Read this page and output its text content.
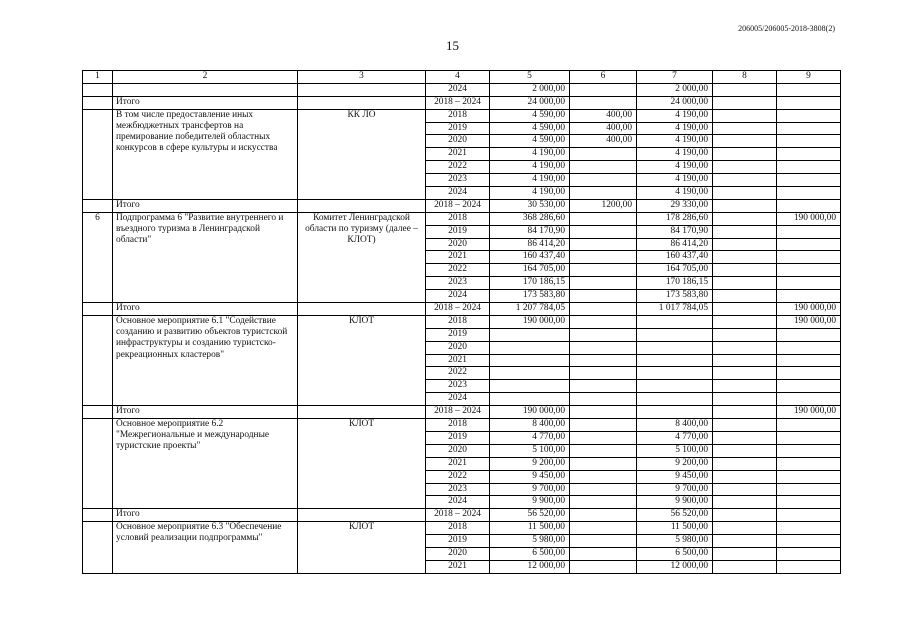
206005/206005-2018-3808(2)
15
1	2	3	4	5	6	7	8	9
			2024	2 000,00		2 000,00		
	Итого		2018 – 2024	24 000,00		24 000,00		
	В том числе предоставление иных межбюджетных трансфертов на премирование победителей областных конкурсов в сфере культуры и искусства	КК ЛО	2018	4 590,00	400,00	4 190,00		
			2019	4 590,00	400,00	4 190,00		
			2020	4 590,00	400,00	4 190,00		
			2021	4 190,00		4 190,00		
			2022	4 190,00		4 190,00		
			2023	4 190,00		4 190,00		
			2024	4 190,00		4 190,00		
	Итого		2018 – 2024	30 530,00	1200,00	29 330,00		
6	Подпрограмма 6 "Развитие внутреннего и въездного туризма в Ленинградской области"	Комитет Ленинградской области по туризму (далее – КЛОТ)	2018	368 286,60		178 286,60		190 000,00
			2019	84 170,90		84 170,90		
			2020	86 414,20		86 414,20		
			2021	160 437,40		160 437,40		
			2022	164 705,00		164 705,00		
			2023	170 186,15		170 186,15		
			2024	173 583,80		173 583,80		
	Итого		2018 – 2024	1 207 784,05		1 017 784,05		190 000,00
	Основное мероприятие 6.1 "Содействие созданию и развитию объектов туристской инфраструктуры и созданию туристско-рекреационных кластеров"	КЛОТ	2018	190 000,00				190 000,00
			2019					
			2020					
			2021					
			2022					
			2023					
			2024					
	Итого		2018 – 2024	190 000,00				190 000,00
	Основное мероприятие 6.2 "Межрегиональные и международные туристские проекты"	КЛОТ	2018	8 400,00		8 400,00		
			2019	4 770,00		4 770,00		
			2020	5 100,00		5 100,00		
			2021	9 200,00		9 200,00		
			2022	9 450,00		9 450,00		
			2023	9 700,00		9 700,00		
			2024	9 900,00		9 900,00		
	Итого		2018 – 2024	56 520,00		56 520,00		
	Основное мероприятие 6.3 "Обеспечение условий реализации подпрограммы"	КЛОТ	2018	11 500,00		11 500,00		
			2019	5 980,00		5 980,00		
			2020	6 500,00		6 500,00		
			2021	12 000,00		12 000,00		
